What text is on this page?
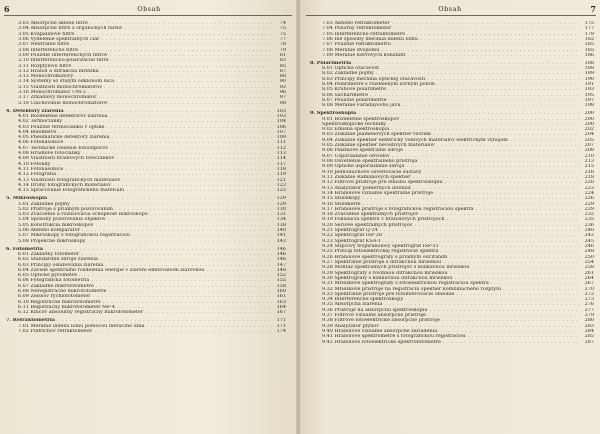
6	Obsah
3.03 Absorpčné sklené filtre . . .	74
3.04 Absorpčné filtre z organických farbív . . .	75
3.05 Kvapalinové filtre . . .	75
3.06 Vydelenie spektrálnych čiar . . .	77
3.07 Neutrálne filtre . . .	78
3.08 Interferenčné filtre . . .	79
3.09 Použitie interferenčných filtrov . . .	81
3.10 Interferenčno-polarizačné filtre . . .	83
3.11 Rozptylové filtre . . .	85
3.12 Hranol a difrakčná mriežka . . .	87
3.13 Monochromátory . . .	88
3.14 Systémy so stálym odklonom lúča . . .	90
3.15 Vlastnosti monochromátorov . . .	92
3.16 Monochromátor UM-2 . . .	96
3.17 Zrkadlový monochromátor . . .	97
3.18 Ciachovanie monochromátorov . . .	98
4. Detektory žiarenia . . .	103
4.01 Rozdelenie detektorov žiarenia . . .	103
4.02 Termočlánky . . .	104
4.03 Použitie termočlánku v optike . . .	106
4.04 Bolometre . . .	107
4.05 Pneumatické detektory žiarenia . . .	109
4.06 Fotonásobiče . . .	111
4.07 Technické riešenie fotoodporov . . .	112
4.08 Hradlové fotočlánky . . .	113
4.09 Vlastnosti hradlových fotočlánkov . . .	114
4.10 Fotónky . . .	117
4.11 Fotonásobiče . . .	118
4.12 Fotografia . . .	119
4.13 Vlastnosti fotografických materiálov . . .	121
4.14 Druhy fotografických materiálov . . .	123
4.15 Spracovanie fotografického materiálu . . .	125
5. Mikroskopia . . .	129
5.01 Základné pojmy . . .	129
5.02 Pristroje s priamym pozorovaním . . .	130
5.03 Zväčšenie a rozlišovacia schopnosť mikroskopu . . .	131
5.04 Spôsoby pozorovania objektov . . .	134
5.05 Konštrukcia mikroskopov . . .	138
5.06 Abbého komparátor . . .	140
5.07 Mikroskopy s fotografickou registráciou . . .	141
5.08 Projekčné mikroskopy . . .	143
6. Fotometria . . .	146
6.01 Základný fotometer . . .	146
6.02 Standardné zdroje žiarenia . . .	146
6.03 Princípy oslabovania žiarenia . . .	147
6.04 Závislé spektrálne rozdelenia energie v žiarení emitovanom žiarovkou . . .	148
6.05 Optické pyrometre . . .	152
6.06 Fotografická fotometria . . .	155
6.07 Základné mikrofotometre . . .	158
6.08 Neregistračné mikrofotometre . . .	160
6.09 Zeissov rýchlofotometer . . .	161
6.10 Registračné mikrofotometre . . .	163
6.11 Registračný mikrofotometer MF-4 . . .	164
6.12 Kľúčov absolútny registračný mikrofotometer . . .	167
7. Refraktometria . . .	171
7.01 Meranie indexu lomu pomocou meracího uhla . . .	171
7.02 Pulfrichov refraktometer . . .	174
Obsah	7
7.03 Abbého refraktometer . . .	175
7.04 Ponorný refraktometer . . .	177
7.05 Interferenčné refraktometre . . .	179
7.06 Iné spôsoby merania indexu lomu . . .	182
7.07 Použitie refraktometru . . .	185
7.08 Meranie dvojlomu . . .	185
7.09 Meranie Kerrových konštánt . . .	186
8. Polarimetria . . .	188
8.01 Optická otáčavosť . . .	188
8.02 Základné pojmy . . .	189
8.03 Princípy merania optickej otáčavosti . . .	190
8.04 Polarimetre s rozdeleným zorným poľom . . .	191
8.05 Kruhové polarimetre . . .	193
8.06 Sacharimetre . . .	195
8.07 Použitie polarimetrie . . .	197
8.08 Meranie Faradayovho javu . . .	198
9. Spektroskopia . . .	200
9.01 Rozdelenie spektroskopov . . .	200
Spektroskopické techniky . . .	200
9.02 Emisná spektroskopia . . .	202
9.03 Získanie plamenových spektier vzoriek . . .	204
9.04 Získanie spektier elektricky vodivých materiálov elektrickým výbojom . . .	205
9.05 Získanie spektier nevodivých materiálov . . .	207
9.06 Plazmové spektrálne zdroje . . .	208
9.07 Usporiadanie obvodov . . .	210
9.08 Osvetlenie spektrálneho prístroja . . .	213
9.09 Optické usporiadanie zdroja . . .	215
9.10 Jednoduchové osvetľovacie sústavy . . .	216
9.11 Získanie Ramanových spektier . . .	218
9.12 Filtrové prístroje pre emisnú spektroskopiu . . .	220
9.13 Analyzátor pomerných intenzít . . .	223
9.14 Hranolové vizuálne spektrálne prístroje . . .	224
9.15 Stiloskopy . . .	226
9.16 Stilometre . . .	229
9.17 Hranolové prístroje s fotografickou registráciou spektra . . .	229
9.18 Zväčšenie spektrálnych prístrojov . . .	232
9.19 Fokusácia spektra v hranolových prístrojoch . . .	235
9.20 Sériové spektrálnych prístrojov . . .	236
9.21 Spektrograf Q-24 . . .	240
9.22 Spektrograf ISP-28 . . .	242
9.23 Spektrograf KSA-1 . . .	245
9.24 Stĺpcový trojhranolový spektrograf ISP-51 . . .	246
9.25 Princíp fotoelektrickej registrácie spektra . . .	248
9.26 Hranolové spektrografy s priamym odčítaním . . .	250
9.27 Spektrálne prístroje s difrakčnou mriežkou . . .	254
9.28 Montáž spektrálnych prístrojov s konkávnou mriežkou . . .	258
9.29 Spektrografy s rovinnou difrakčnou mriežkou . . .	261
9.30 Spektrografy s konkávnou difrakčnou mriežkou . . .	264
9.31 Mriežkové spektrografy s fotoelektrickou registráciou spektra . . .	267
9.32 Mriežkové prístroje na registráciu spektier kombinačného rozptylu . . .	270
9.33 Spektrálne prístroje pre fotometrovacie obdobie . . .	272
9.34 Interferenčné spektroskopy . . .	273
9.35 Absorpčná žiarenia . . .	276
9.36 Prístroje na absorpčnú spektroskopiu . . .	277
9.37 Filtrové vizuálne absorpčné prístroje . . .	279
9.38 Filtrové fotoelektrické absorpčné prístroje . . .	280
9.39 Analyzátor plynov . . .	283
9.40 Hranolové vizuálne absorpčné zariadenia . . .	284
9.41 Hranolové spektrometre s fotografickou registráciou . . .	285
9.42 Hranolové fotoelektrické spektrofotometre . . .	287
